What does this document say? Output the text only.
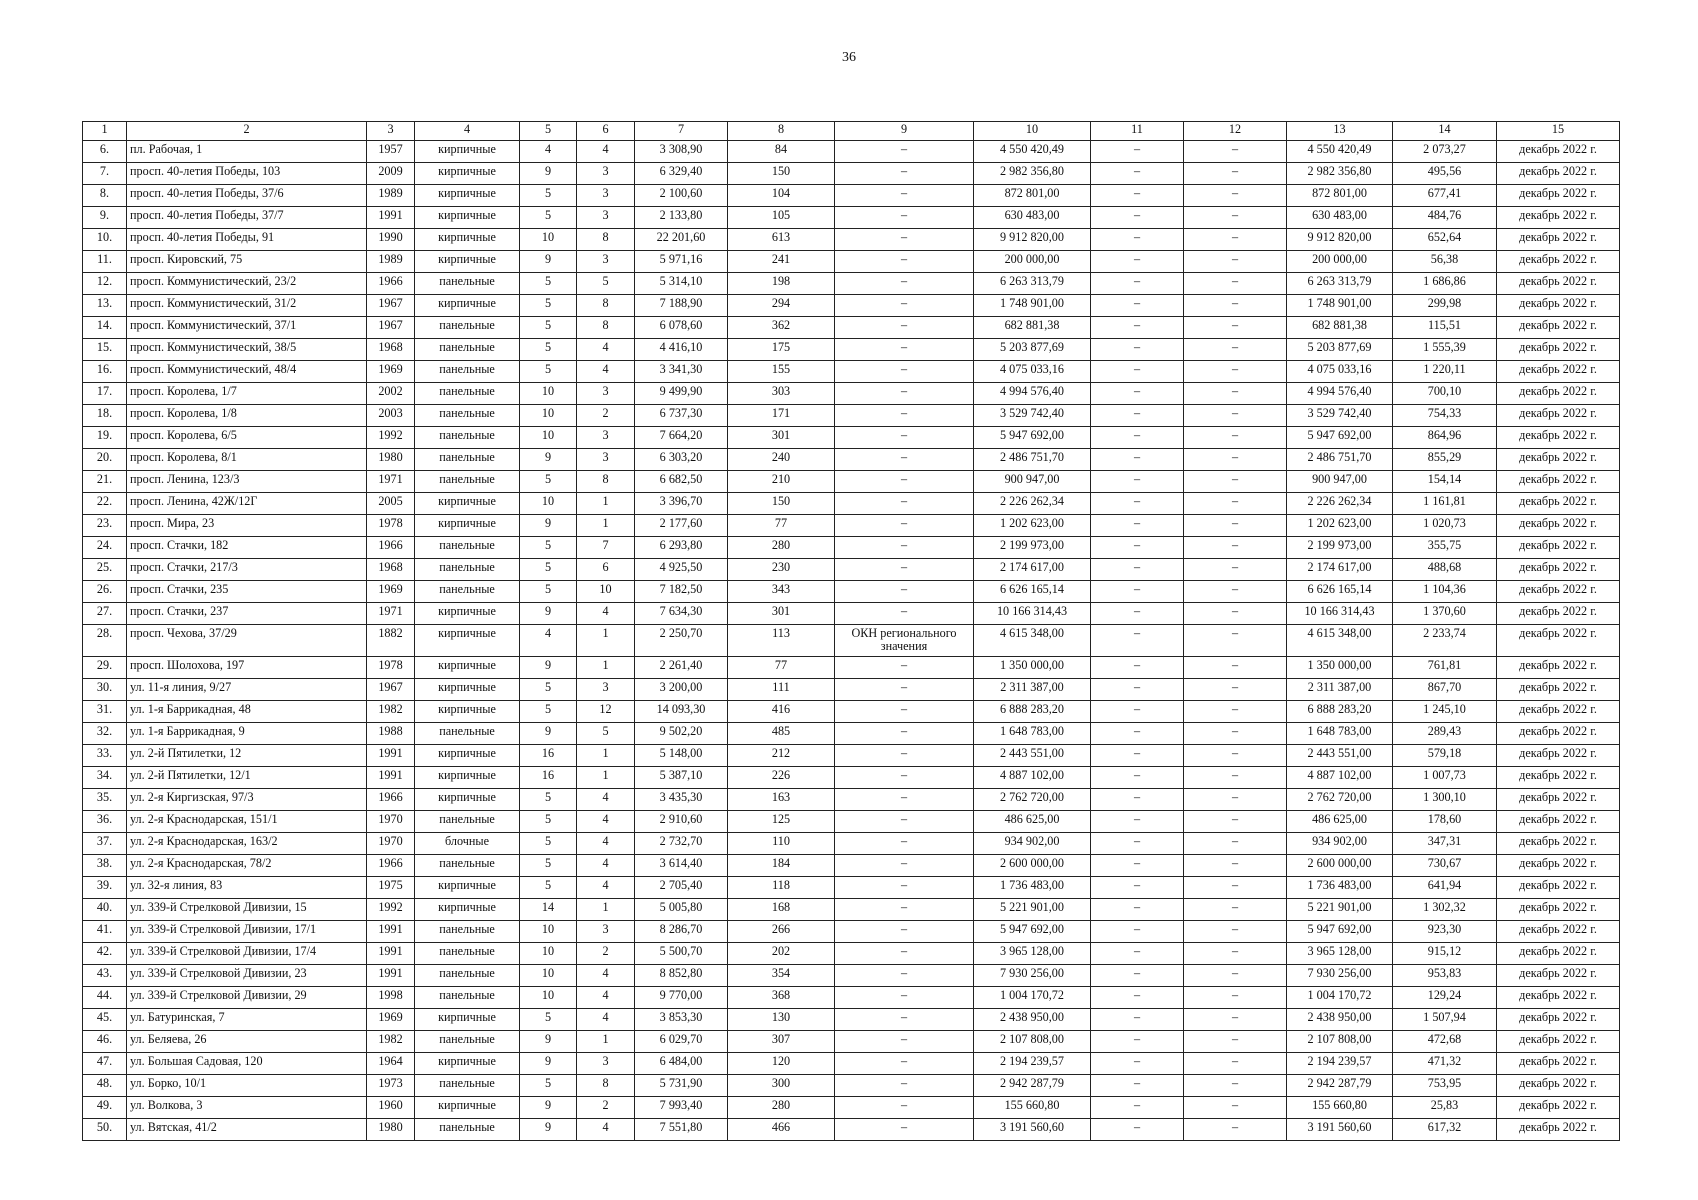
36
1	2	3	4	5	6	7	8	9	10	11	12	13	14	15
6.	пл. Рабочая, 1	1957	кирпичные	4	4	3 308,90	84	–	4 550 420,49	–	–	4 550 420,49	2 073,27	декабрь 2022 г.
7.	просп. 40-летия Победы, 103	2009	кирпичные	9	3	6 329,40	150	–	2 982 356,80	–	–	2 982 356,80	495,56	декабрь 2022 г.
8.	просп. 40-летия Победы, 37/6	1989	кирпичные	5	3	2 100,60	104	–	872 801,00	–	–	872 801,00	677,41	декабрь 2022 г.
9.	просп. 40-летия Победы, 37/7	1991	кирпичные	5	3	2 133,80	105	–	630 483,00	–	–	630 483,00	484,76	декабрь 2022 г.
10.	просп. 40-летия Победы, 91	1990	кирпичные	10	8	22 201,60	613	–	9 912 820,00	–	–	9 912 820,00	652,64	декабрь 2022 г.
11.	просп. Кировский, 75	1989	кирпичные	9	3	5 971,16	241	–	200 000,00	–	–	200 000,00	56,38	декабрь 2022 г.
12.	просп. Коммунистический, 23/2	1966	панельные	5	5	5 314,10	198	–	6 263 313,79	–	–	6 263 313,79	1 686,86	декабрь 2022 г.
13.	просп. Коммунистический, 31/2	1967	кирпичные	5	8	7 188,90	294	–	1 748 901,00	–	–	1 748 901,00	299,98	декабрь 2022 г.
14.	просп. Коммунистический, 37/1	1967	панельные	5	8	6 078,60	362	–	682 881,38	–	–	682 881,38	115,51	декабрь 2022 г.
15.	просп. Коммунистический, 38/5	1968	панельные	5	4	4 416,10	175	–	5 203 877,69	–	–	5 203 877,69	1 555,39	декабрь 2022 г.
16.	просп. Коммунистический, 48/4	1969	панельные	5	4	3 341,30	155	–	4 075 033,16	–	–	4 075 033,16	1 220,11	декабрь 2022 г.
17.	просп. Королева, 1/7	2002	панельные	10	3	9 499,90	303	–	4 994 576,40	–	–	4 994 576,40	700,10	декабрь 2022 г.
18.	просп. Королева, 1/8	2003	панельные	10	2	6 737,30	171	–	3 529 742,40	–	–	3 529 742,40	754,33	декабрь 2022 г.
19.	просп. Королева, 6/5	1992	панельные	10	3	7 664,20	301	–	5 947 692,00	–	–	5 947 692,00	864,96	декабрь 2022 г.
20.	просп. Королева, 8/1	1980	панельные	9	3	6 303,20	240	–	2 486 751,70	–	–	2 486 751,70	855,29	декабрь 2022 г.
21.	просп. Ленина, 123/3	1971	панельные	5	8	6 682,50	210	–	900 947,00	–	–	900 947,00	154,14	декабрь 2022 г.
22.	просп. Ленина, 42Ж/12Г	2005	кирпичные	10	1	3 396,70	150	–	2 226 262,34	–	–	2 226 262,34	1 161,81	декабрь 2022 г.
23.	просп. Мира, 23	1978	кирпичные	9	1	2 177,60	77	–	1 202 623,00	–	–	1 202 623,00	1 020,73	декабрь 2022 г.
24.	просп. Стачки, 182	1966	панельные	5	7	6 293,80	280	–	2 199 973,00	–	–	2 199 973,00	355,75	декабрь 2022 г.
25.	просп. Стачки, 217/3	1968	панельные	5	6	4 925,50	230	–	2 174 617,00	–	–	2 174 617,00	488,68	декабрь 2022 г.
26.	просп. Стачки, 235	1969	панельные	5	10	7 182,50	343	–	6 626 165,14	–	–	6 626 165,14	1 104,36	декабрь 2022 г.
27.	просп. Стачки, 237	1971	кирпичные	9	4	7 634,30	301	–	10 166 314,43	–	–	10 166 314,43	1 370,60	декабрь 2022 г.
28.	просп. Чехова, 37/29	1882	кирпичные	4	1	2 250,70	113	ОКН регионального значения	4 615 348,00	–	–	4 615 348,00	2 233,74	декабрь 2022 г.
29.	просп. Шолохова, 197	1978	кирпичные	9	1	2 261,40	77	–	1 350 000,00	–	–	1 350 000,00	761,81	декабрь 2022 г.
30.	ул. 11-я линия, 9/27	1967	кирпичные	5	3	3 200,00	111	–	2 311 387,00	–	–	2 311 387,00	867,70	декабрь 2022 г.
31.	ул. 1-я Баррикадная, 48	1982	кирпичные	5	12	14 093,30	416	–	6 888 283,20	–	–	6 888 283,20	1 245,10	декабрь 2022 г.
32.	ул. 1-я Баррикадная, 9	1988	панельные	9	5	9 502,20	485	–	1 648 783,00	–	–	1 648 783,00	289,43	декабрь 2022 г.
33.	ул. 2-й Пятилетки, 12	1991	кирпичные	16	1	5 148,00	212	–	2 443 551,00	–	–	2 443 551,00	579,18	декабрь 2022 г.
34.	ул. 2-й Пятилетки, 12/1	1991	кирпичные	16	1	5 387,10	226	–	4 887 102,00	–	–	4 887 102,00	1 007,73	декабрь 2022 г.
35.	ул. 2-я Киргизская, 97/3	1966	кирпичные	5	4	3 435,30	163	–	2 762 720,00	–	–	2 762 720,00	1 300,10	декабрь 2022 г.
36.	ул. 2-я Краснодарская, 151/1	1970	панельные	5	4	2 910,60	125	–	486 625,00	–	–	486 625,00	178,60	декабрь 2022 г.
37.	ул. 2-я Краснодарская, 163/2	1970	блочные	5	4	2 732,70	110	–	934 902,00	–	–	934 902,00	347,31	декабрь 2022 г.
38.	ул. 2-я Краснодарская, 78/2	1966	панельные	5	4	3 614,40	184	–	2 600 000,00	–	–	2 600 000,00	730,67	декабрь 2022 г.
39.	ул. 32-я линия, 83	1975	кирпичные	5	4	2 705,40	118	–	1 736 483,00	–	–	1 736 483,00	641,94	декабрь 2022 г.
40.	ул. 339-й Стрелковой Дивизии, 15	1992	кирпичные	14	1	5 005,80	168	–	5 221 901,00	–	–	5 221 901,00	1 302,32	декабрь 2022 г.
41.	ул. 339-й Стрелковой Дивизии, 17/1	1991	панельные	10	3	8 286,70	266	–	5 947 692,00	–	–	5 947 692,00	923,30	декабрь 2022 г.
42.	ул. 339-й Стрелковой Дивизии, 17/4	1991	панельные	10	2	5 500,70	202	–	3 965 128,00	–	–	3 965 128,00	915,12	декабрь 2022 г.
43.	ул. 339-й Стрелковой Дивизии, 23	1991	панельные	10	4	8 852,80	354	–	7 930 256,00	–	–	7 930 256,00	953,83	декабрь 2022 г.
44.	ул. 339-й Стрелковой Дивизии, 29	1998	панельные	10	4	9 770,00	368	–	1 004 170,72	–	–	1 004 170,72	129,24	декабрь 2022 г.
45.	ул. Батуринская, 7	1969	кирпичные	5	4	3 853,30	130	–	2 438 950,00	–	–	2 438 950,00	1 507,94	декабрь 2022 г.
46.	ул. Беляева, 26	1982	панельные	9	1	6 029,70	307	–	2 107 808,00	–	–	2 107 808,00	472,68	декабрь 2022 г.
47.	ул. Большая Садовая, 120	1964	кирпичные	9	3	6 484,00	120	–	2 194 239,57	–	–	2 194 239,57	471,32	декабрь 2022 г.
48.	ул. Борко, 10/1	1973	панельные	5	8	5 731,90	300	–	2 942 287,79	–	–	2 942 287,79	753,95	декабрь 2022 г.
49.	ул. Волкова, 3	1960	кирпичные	9	2	7 993,40	280	–	155 660,80	–	–	155 660,80	25,83	декабрь 2022 г.
50.	ул. Вятская, 41/2	1980	панельные	9	4	7 551,80	466	–	3 191 560,60	–	–	3 191 560,60	617,32	декабрь 2022 г.
